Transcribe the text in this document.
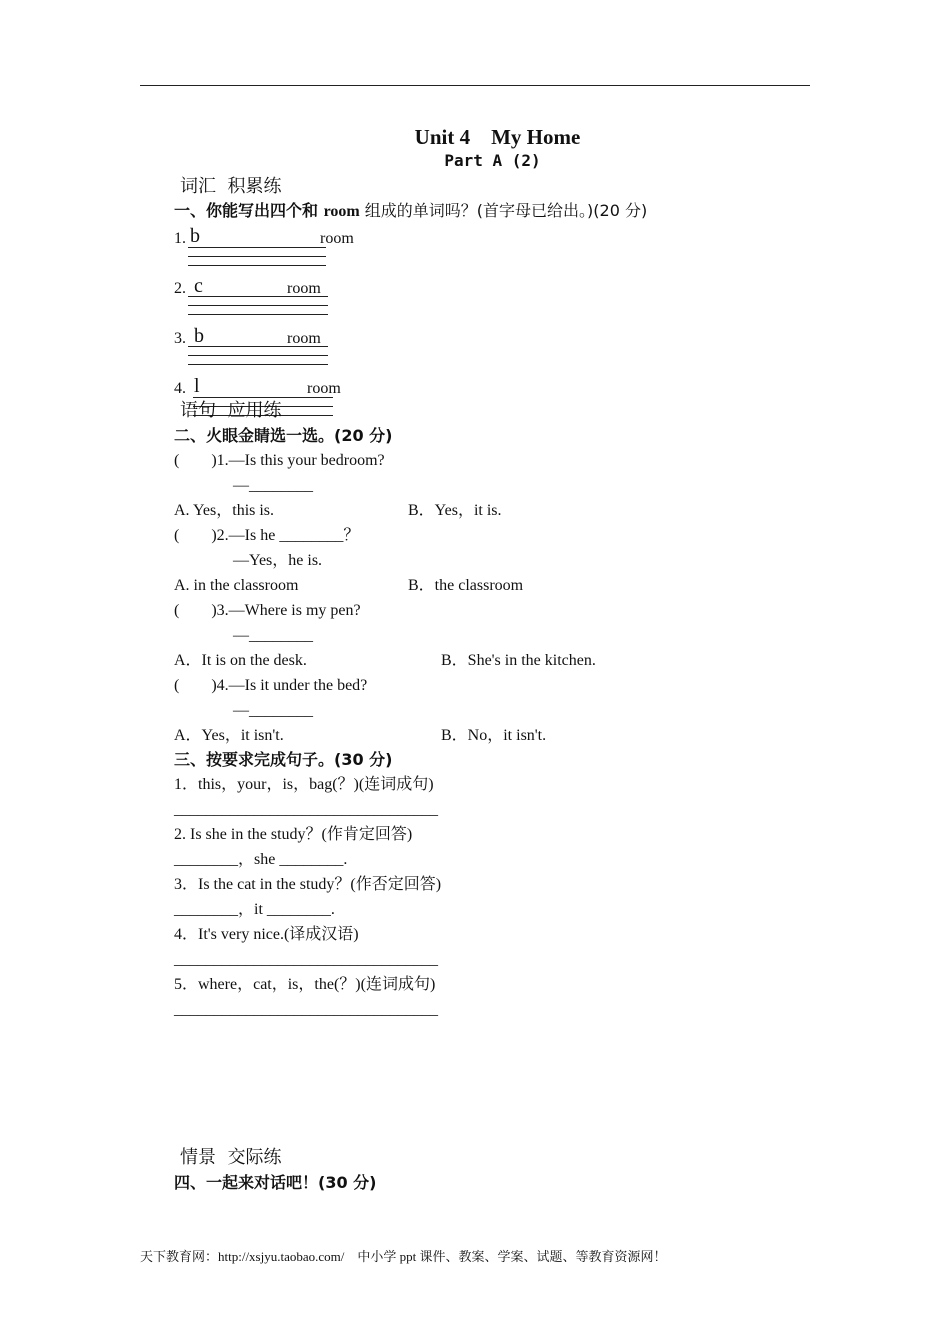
Unit 4    My Home
Part A (2)
词汇  积累练
一、你能写出四个和 room 组成的单词吗？(首字母已给出。)(20 分)
1. b	room
2. c	room
3. b	room
4. l	room
语句  应用练
二、火眼金睛选一选。(20 分)
(        )1.—Is this your bedroom?
—________
A. Yes，this is.	B．Yes，it is.
(        )2.—Is he ________？
—Yes，he is.
A. in the classroom	B．the classroom
(        )3.—Where is my pen?
—________
A．It is on the desk.	B．She's in the kitchen.
(        )4.—Is it under the bed?
—________
A．Yes，it isn't.	B．No，it isn't.
三、按要求完成句子。(30 分)
1．this，your，is，bag(？)(连词成句)
_________________________________
2. Is she in the study？(作肯定回答)
________，she ________.
3．Is the cat in the study？(作否定回答)
________，it ________.
4．It's very nice.(译成汉语)
_________________________________
5．where，cat，is，the(？)(连词成句)
_________________________________
情景  交际练
四、一起来对话吧！(30 分)
天下教育网：http://xsjyu.taobao.com/    中小学 ppt 课件、教案、学案、试题、等教育资源网！
